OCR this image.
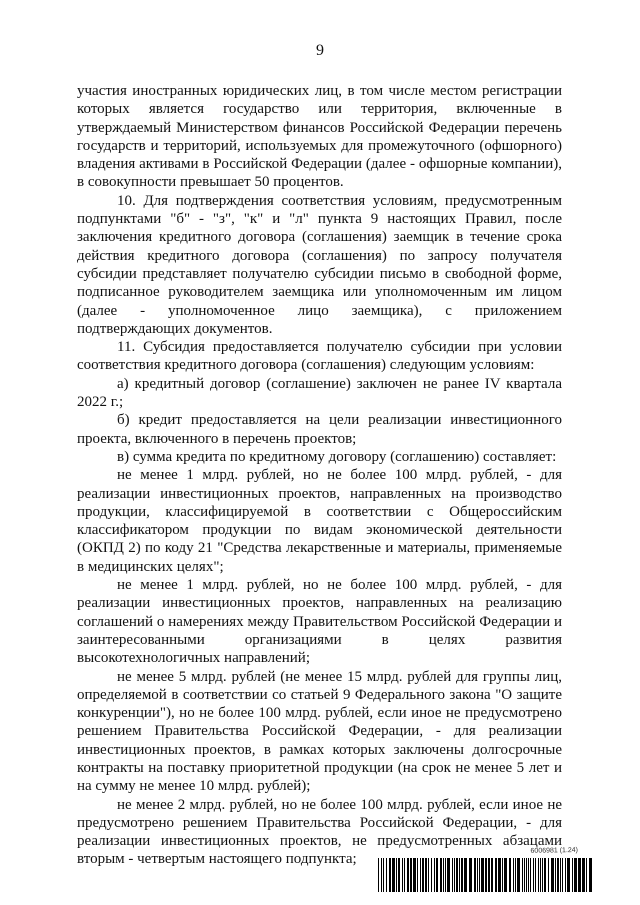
9

участия иностранных юридических лиц, в том числе местом регистрации которых является государство или территория, включенные в утверждаемый Министерством финансов Российской Федерации перечень государств и территорий, используемых для промежуточного (офшорного) владения активами в Российской Федерации (далее - офшорные компании), в совокупности превышает 50 процентов.

10. Для подтверждения соответствия условиям, предусмотренным подпунктами "б" - "з", "к" и "л" пункта 9 настоящих Правил, после заключения кредитного договора (соглашения) заемщик в течение срока действия кредитного договора (соглашения) по запросу получателя субсидии представляет получателю субсидии письмо в свободной форме, подписанное руководителем заемщика или уполномоченным им лицом (далее - уполномоченное лицо заемщика), с приложением подтверждающих документов.

11. Субсидия предоставляется получателю субсидии при условии соответствия кредитного договора (соглашения) следующим условиям:

а) кредитный договор (соглашение) заключен не ранее IV квартала 2022 г.;

б) кредит предоставляется на цели реализации инвестиционного проекта, включенного в перечень проектов;

в) сумма кредита по кредитному договору (соглашению) составляет:

не менее 1 млрд. рублей, но не более 100 млрд. рублей, - для реализации инвестиционных проектов, направленных на производство продукции, классифицируемой в соответствии с Общероссийским классификатором продукции по видам экономической деятельности (ОКПД 2) по коду 21 "Средства лекарственные и материалы, применяемые в медицинских целях";

не менее 1 млрд. рублей, но не более 100 млрд. рублей, - для реализации инвестиционных проектов, направленных на реализацию соглашений о намерениях между Правительством Российской Федерации и заинтересованными организациями в целях развития высокотехнологичных направлений;

не менее 5 млрд. рублей (не менее 15 млрд. рублей для группы лиц, определяемой в соответствии со статьей 9 Федерального закона "О защите конкуренции"), но не более 100 млрд. рублей, если иное не предусмотрено решением Правительства Российской Федерации, - для реализации инвестиционных проектов, в рамках которых заключены долгосрочные контракты на поставку приоритетной продукции (на срок не менее 5 лет и на сумму не менее 10 млрд. рублей);

не менее 2 млрд. рублей, но не более 100 млрд. рублей, если иное не предусмотрено решением Правительства Российской Федерации, - для реализации инвестиционных проектов, не предусмотренных абзацами вторым - четвертым настоящего подпункта;

6006981 (1.24)
